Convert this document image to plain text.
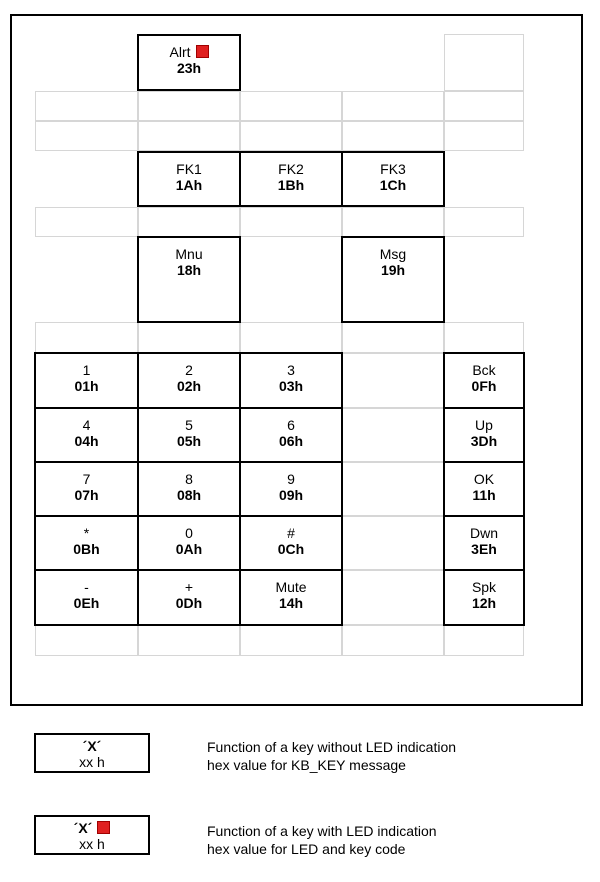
Alrt
23h
FK1
1Ah
FK2
1Bh
FK3
1Ch
Mnu
18h
Msg
19h
1
01h
2
02h
3
03h
Bck
0Fh
4
04h
5
05h
6
06h
Up
3Dh
7
07h
8
08h
9
09h
OK
11h
*
0Bh
0
0Ah
#
0Ch
Dwn
3Eh
-
0Eh
+
0Dh
Mute
14h
Spk
12h
´X´
xx h
Function of a key without LED indication
hex value for KB_KEY message
´X´
xx h
Function of a key with LED indication
hex value for LED and key code
